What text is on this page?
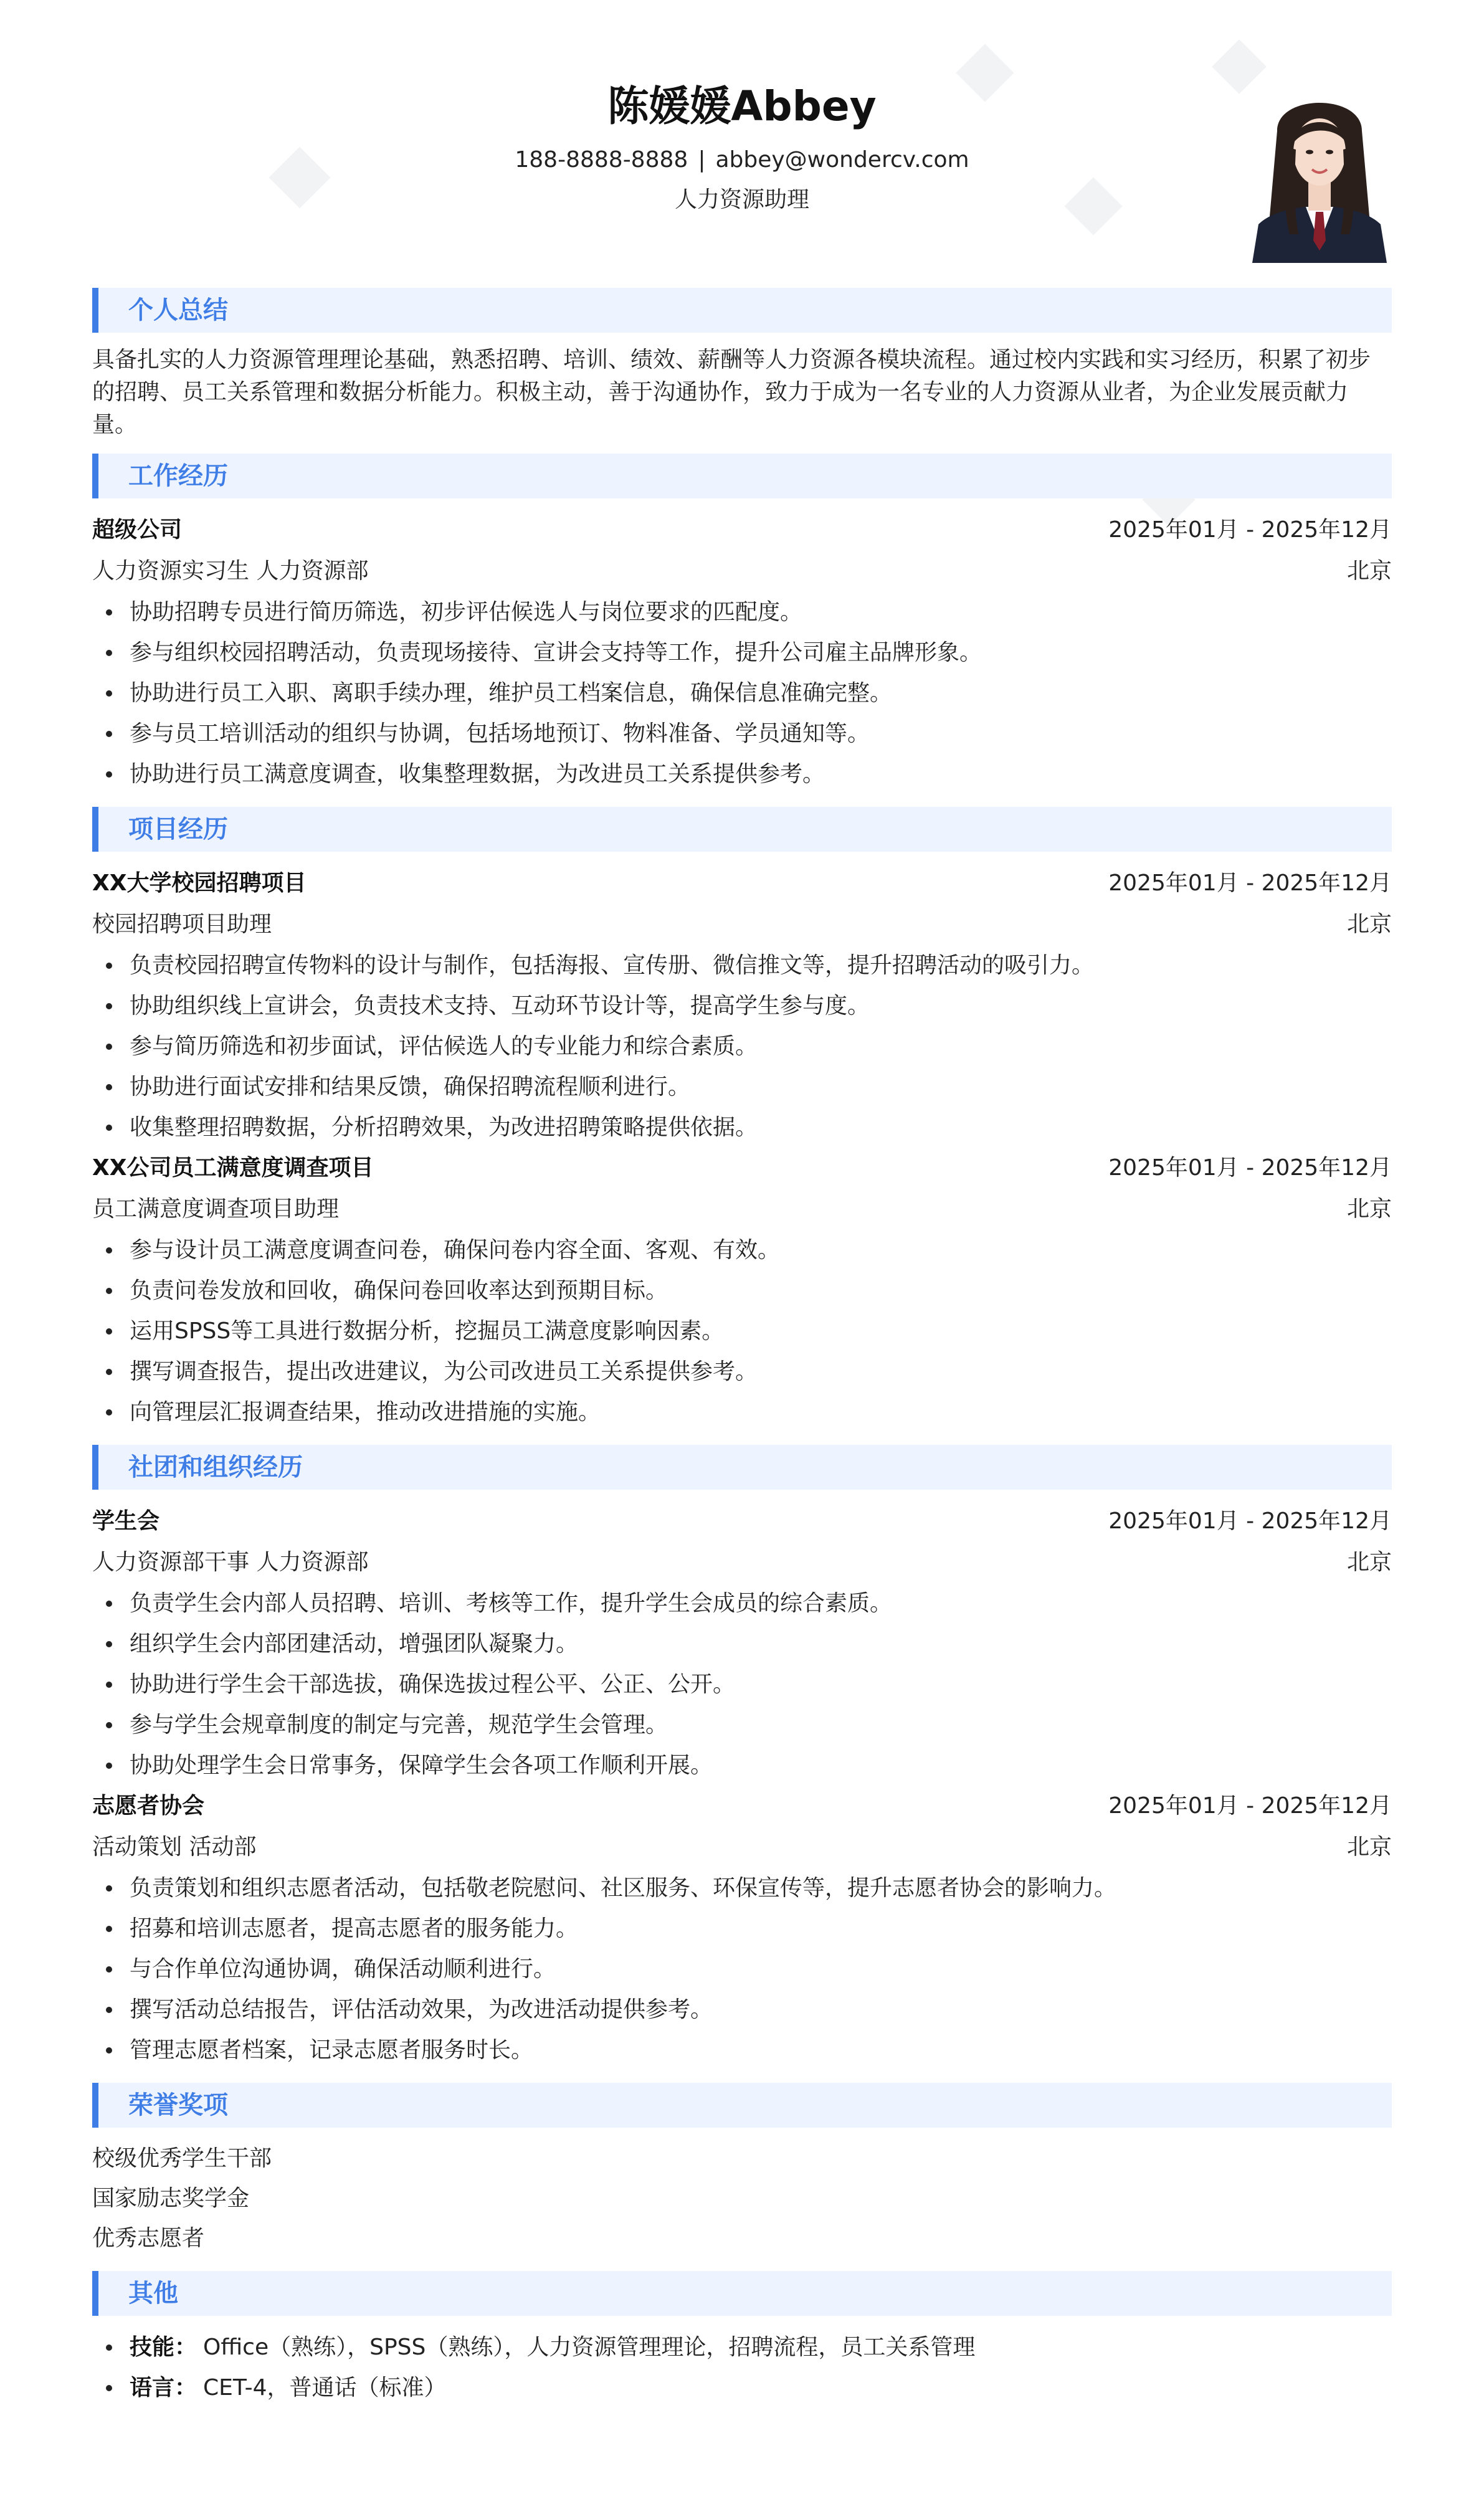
陈媛媛Abbey
188-8888-8888 | abbey@wondercv.com
人力资源助理
个人总结
具备扎实的人力资源管理理论基础，熟悉招聘、培训、绩效、薪酬等人力资源各模块流程。通过校内实践和实习经历，积累了初步的招聘、员工关系管理和数据分析能力。积极主动，善于沟通协作，致力于成为一名专业的人力资源从业者，为企业发展贡献力量。
工作经历
超级公司	2025年01月 - 2025年12月
人力资源实习生 人力资源部	北京
协助招聘专员进行简历筛选，初步评估候选人与岗位要求的匹配度。
参与组织校园招聘活动，负责现场接待、宣讲会支持等工作，提升公司雇主品牌形象。
协助进行员工入职、离职手续办理，维护员工档案信息，确保信息准确完整。
参与员工培训活动的组织与协调，包括场地预订、物料准备、学员通知等。
协助进行员工满意度调查，收集整理数据，为改进员工关系提供参考。
项目经历
XX大学校园招聘项目	2025年01月 - 2025年12月
校园招聘项目助理	北京
负责校园招聘宣传物料的设计与制作，包括海报、宣传册、微信推文等，提升招聘活动的吸引力。
协助组织线上宣讲会，负责技术支持、互动环节设计等，提高学生参与度。
参与简历筛选和初步面试，评估候选人的专业能力和综合素质。
协助进行面试安排和结果反馈，确保招聘流程顺利进行。
收集整理招聘数据，分析招聘效果，为改进招聘策略提供依据。
XX公司员工满意度调查项目	2025年01月 - 2025年12月
员工满意度调查项目助理	北京
参与设计员工满意度调查问卷，确保问卷内容全面、客观、有效。
负责问卷发放和回收，确保问卷回收率达到预期目标。
运用SPSS等工具进行数据分析，挖掘员工满意度影响因素。
撰写调查报告，提出改进建议，为公司改进员工关系提供参考。
向管理层汇报调查结果，推动改进措施的实施。
社团和组织经历
学生会	2025年01月 - 2025年12月
人力资源部干事 人力资源部	北京
负责学生会内部人员招聘、培训、考核等工作，提升学生会成员的综合素质。
组织学生会内部团建活动，增强团队凝聚力。
协助进行学生会干部选拔，确保选拔过程公平、公正、公开。
参与学生会规章制度的制定与完善，规范学生会管理。
协助处理学生会日常事务，保障学生会各项工作顺利开展。
志愿者协会	2025年01月 - 2025年12月
活动策划 活动部	北京
负责策划和组织志愿者活动，包括敬老院慰问、社区服务、环保宣传等，提升志愿者协会的影响力。
招募和培训志愿者，提高志愿者的服务能力。
与合作单位沟通协调，确保活动顺利进行。
撰写活动总结报告，评估活动效果，为改进活动提供参考。
管理志愿者档案，记录志愿者服务时长。
荣誉奖项
校级优秀学生干部
国家励志奖学金
优秀志愿者
其他
技能： Office（熟练），SPSS（熟练），人力资源管理理论，招聘流程，员工关系管理
语言： CET-4，普通话（标准）
